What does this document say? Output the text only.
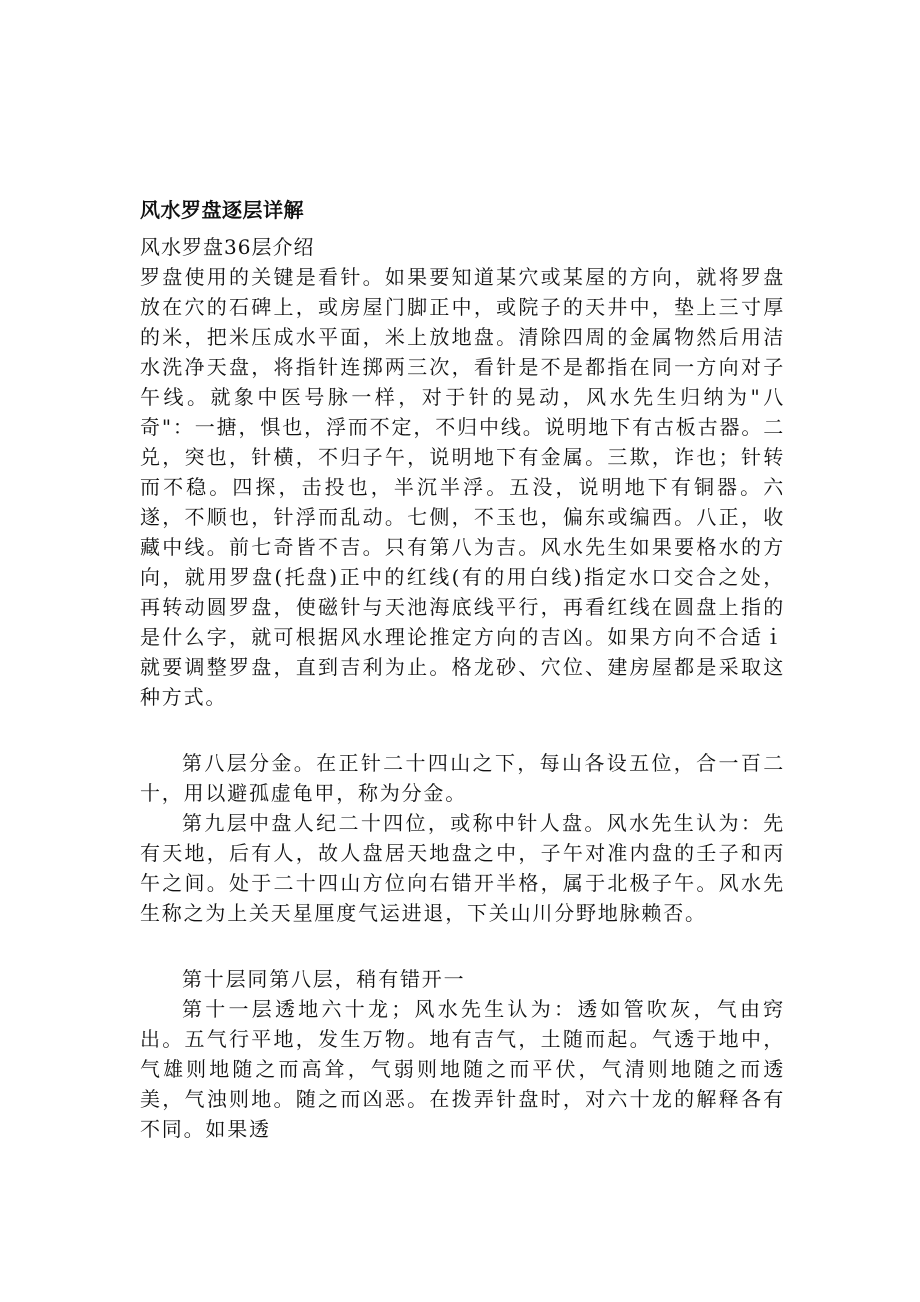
风水罗盘逐层详解
风水罗盘36层介绍

罗盘使用的关键是看针。如果要知道某穴或某屋的方向，就将罗盘放在穴的石碑上，或房屋门脚正中，或院子的天井中，垫上三寸厚的米，把米压成水平面，米上放地盘。清除四周的金属物然后用洁水洗净天盘，将指针连掷两三次，看针是不是都指在同一方向对子午线。就象中医号脉一样，对于针的晃动，风水先生归纳为"八奇"：一搪，惧也，浮而不定，不归中线。说明地下有古板古器。二兑，突也，针横，不归子午，说明地下有金属。三欺，诈也；针转而不稳。四探，击投也，半沉半浮。五没，说明地下有铜器。六遂，不顺也，针浮而乱动。七侧，不玉也，偏东或编西。八正，收藏中线。前七奇皆不吉。只有第八为吉。风水先生如果要格水的方向，就用罗盘(托盘)正中的红线(有的用白线)指定水口交合之处，再转动圆罗盘，使磁针与天池海底线平行，再看红线在圆盘上指的是什么字，就可根据风水理论推定方向的吉凶。如果方向不合适ｉ就要调整罗盘，直到吉利为止。格龙砂、穴位、建房屋都是采取这种方式。

第八层分金。在正针二十四山之下，每山各设五位，合一百二十，用以避孤虚龟甲，称为分金。

第九层中盘人纪二十四位，或称中针人盘。风水先生认为：先有天地，后有人，故人盘居天地盘之中，子午对准内盘的壬子和丙午之间。处于二十四山方位向右错开半格，属于北极子午。风水先生称之为上关天星厘度气运进退，下关山川分野地脉赖否。

第十层同第八层，稍有错开一

第十一层透地六十龙；风水先生认为：透如管吹灰，气由窍出。五气行平地，发生万物。地有吉气，土随而起。气透于地中，气雄则地随之而高耸，气弱则地随之而平伏，气清则地随之而透美，气浊则地。随之而凶恶。在拨弄针盘时，对六十龙的解释各有不同。如果透
